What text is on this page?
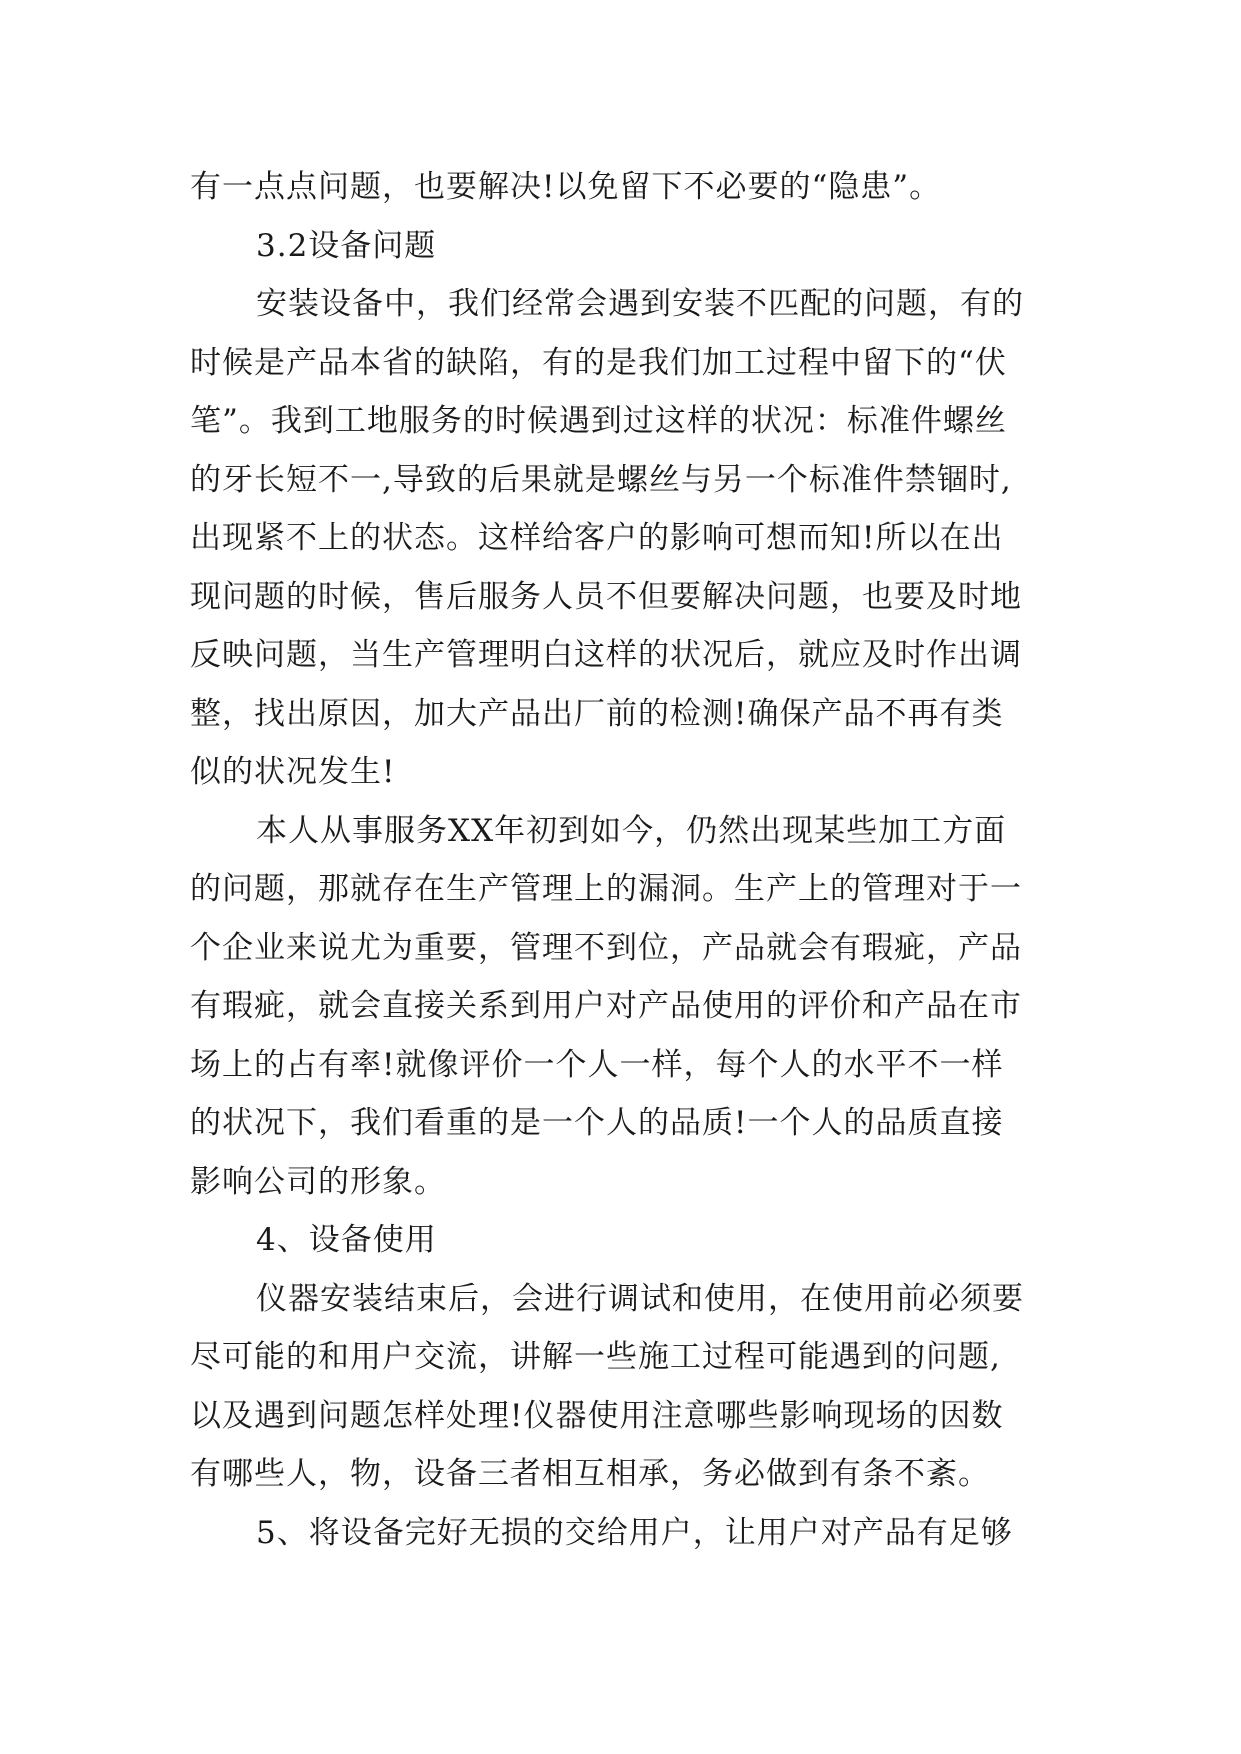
有一点点问题，也要解决!以免留下不必要的“隐患”。
3.2设备问题
安装设备中，我们经常会遇到安装不匹配的问题，有的
时候是产品本省的缺陷，有的是我们加工过程中留下的“伏
笔”。我到工地服务的时候遇到过这样的状况：标准件螺丝
的牙长短不一,导致的后果就是螺丝与另一个标准件禁锢时,
出现紧不上的状态。这样给客户的影响可想而知!所以在出
现问题的时候，售后服务人员不但要解决问题，也要及时地
反映问题，当生产管理明白这样的状况后，就应及时作出调
整，找出原因，加大产品出厂前的检测!确保产品不再有类
似的状况发生!
本人从事服务XX年初到如今，仍然出现某些加工方面
的问题，那就存在生产管理上的漏洞。生产上的管理对于一
个企业来说尤为重要，管理不到位，产品就会有瑕疵，产品
有瑕疵，就会直接关系到用户对产品使用的评价和产品在市
场上的占有率!就像评价一个人一样，每个人的水平不一样
的状况下，我们看重的是一个人的品质!一个人的品质直接
影响公司的形象。
4、设备使用
仪器安装结束后，会进行调试和使用，在使用前必须要
尽可能的和用户交流，讲解一些施工过程可能遇到的问题,
以及遇到问题怎样处理!仪器使用注意哪些影响现场的因数
有哪些人，物，设备三者相互相承，务必做到有条不紊。
5、将设备完好无损的交给用户，让用户对产品有足够
